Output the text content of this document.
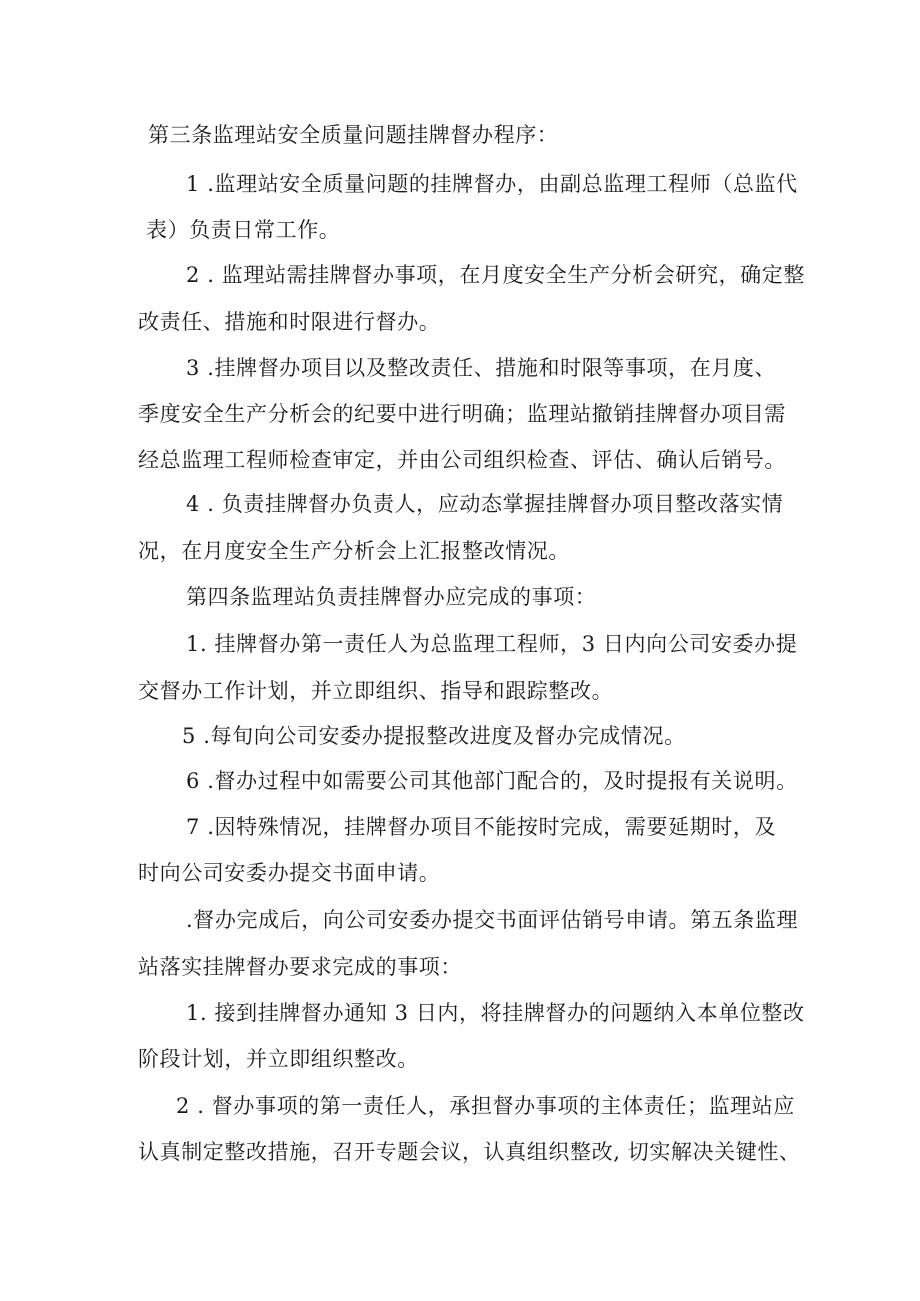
第三条监理站安全质量问题挂牌督办程序：
1 .监理站安全质量问题的挂牌督办，由副总监理工程师（总监代
表）负责日常工作。
2 . 监理站需挂牌督办事项，在月度安全生产分析会研究，确定整
改责任、措施和时限进行督办。
3 .挂牌督办项目以及整改责任、措施和时限等事项，在月度、
季度安全生产分析会的纪要中进行明确；监理站撤销挂牌督办项目需
经总监理工程师检查审定，并由公司组织检查、评估、确认后销号。
4 . 负责挂牌督办负责人，应动态掌握挂牌督办项目整改落实情
况，在月度安全生产分析会上汇报整改情况。
第四条监理站负责挂牌督办应完成的事项：
1. 挂牌督办第一责任人为总监理工程师，3 日内向公司安委办提
交督办工作计划，并立即组织、指导和跟踪整改。
5 .每旬向公司安委办提报整改进度及督办完成情况。
6 .督办过程中如需要公司其他部门配合的，及时提报有关说明。
7 .因特殊情况，挂牌督办项目不能按时完成，需要延期时，及
时向公司安委办提交书面申请。
.督办完成后，向公司安委办提交书面评估销号申请。第五条监理
站落实挂牌督办要求完成的事项：
1. 接到挂牌督办通知 3 日内，将挂牌督办的问题纳入本单位整改
阶段计划，并立即组织整改。
2 . 督办事项的第一责任人，承担督办事项的主体责任；监理站应
认真制定整改措施，召开专题会议，认真组织整改, 切实解决关键性、
